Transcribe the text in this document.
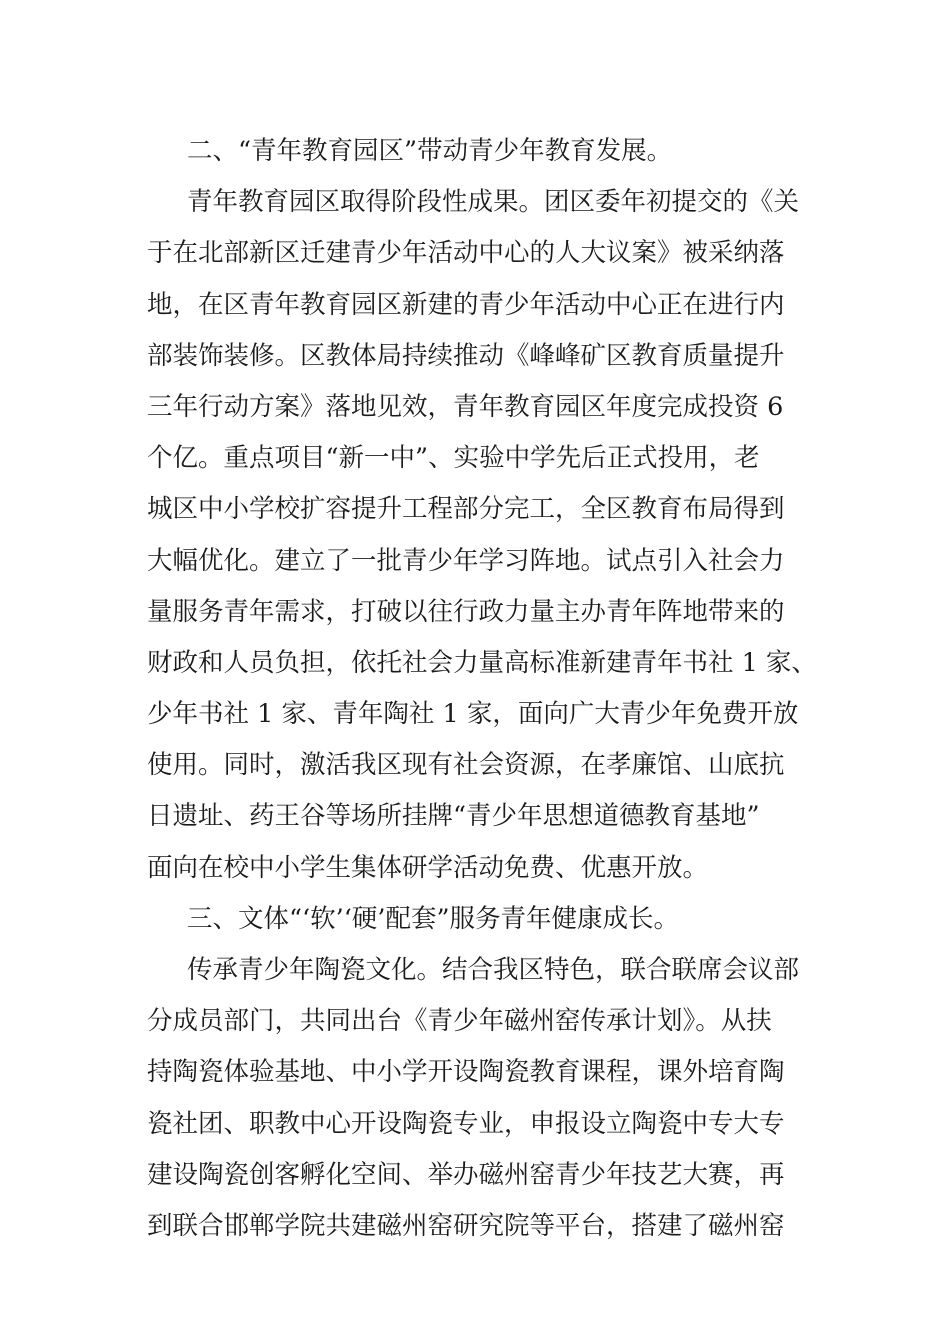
二、“青年教育园区”带动青少年教育发展。
青年教育园区取得阶段性成果。团区委年初提交的《关
于在北部新区迁建青少年活动中心的人大议案》被采纳落
地，在区青年教育园区新建的青少年活动中心正在进行内
部装饰装修。区教体局持续推动《峰峰矿区教育质量提升
三年行动方案》落地见效，青年教育园区年度完成投资 6
个亿。重点项目“新一中”、实验中学先后正式投用，老
城区中小学校扩容提升工程部分完工，全区教育布局得到
大幅优化。建立了一批青少年学习阵地。试点引入社会力
量服务青年需求，打破以往行政力量主办青年阵地带来的
财政和人员负担，依托社会力量高标准新建青年书社 1 家、
少年书社 1 家、青年陶社 1 家，面向广大青少年免费开放
使用。同时，激活我区现有社会资源，在孝廉馆、山底抗
日遗址、药王谷等场所挂牌“青少年思想道德教育基地”
面向在校中小学生集体研学活动免费、优惠开放。
三、文体“‘软’‘硬’配套”服务青年健康成长。
传承青少年陶瓷文化。结合我区特色，联合联席会议部
分成员部门，共同出台《青少年磁州窑传承计划》。从扶
持陶瓷体验基地、中小学开设陶瓷教育课程，课外培育陶
瓷社团、职教中心开设陶瓷专业，申报设立陶瓷中专大专
建设陶瓷创客孵化空间、举办磁州窑青少年技艺大赛，再
到联合邯郸学院共建磁州窑研究院等平台，搭建了磁州窑
